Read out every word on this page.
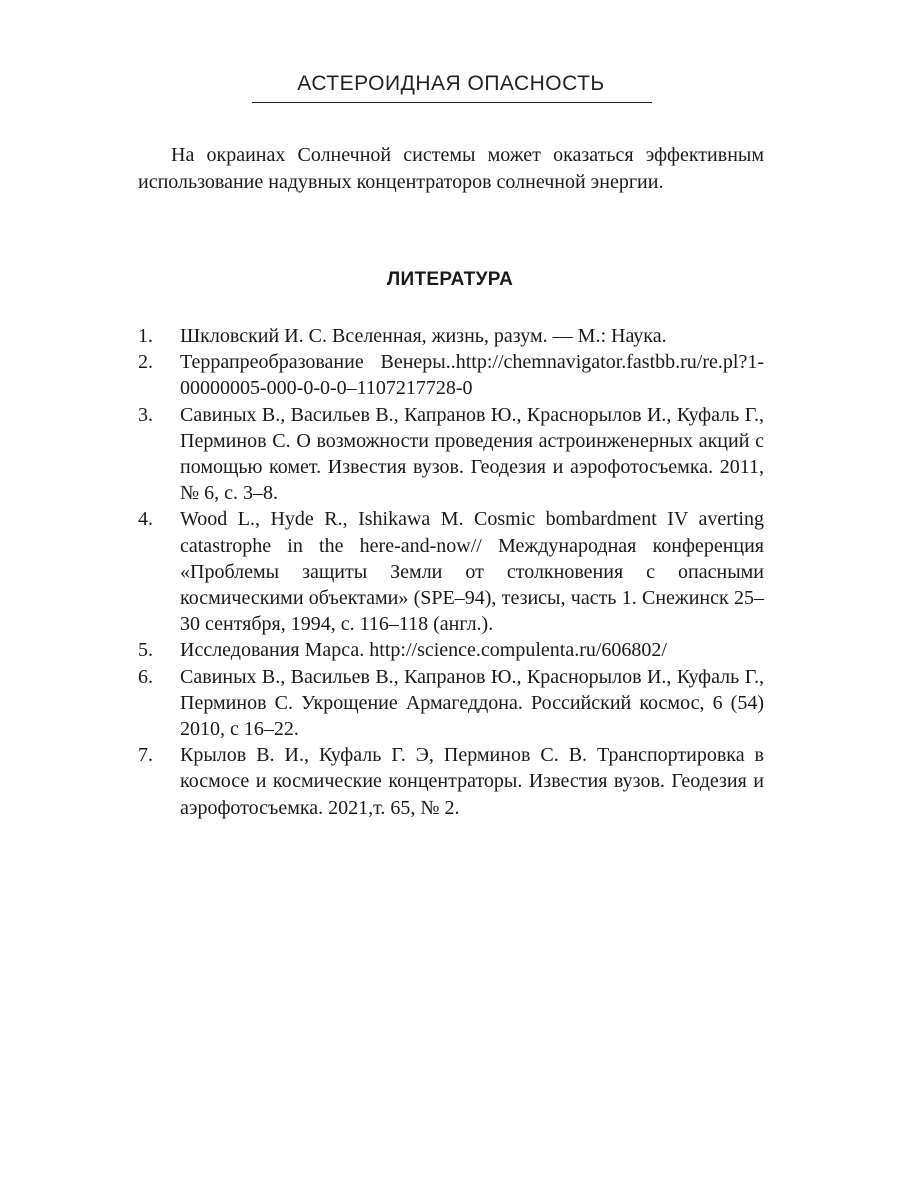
АСТЕРОИДНАЯ ОПАСНОСТЬ

На окраинах Солнечной системы может оказаться эффективным использование надувных концентраторов солнечной энергии.

ЛИТЕРАТУРА
1.	Шкловский И. С. Вселенная, жизнь, разум. — М.: Наука.
2.	Террапреобразование Венеры..http://chemnavigator.fastbb.ru/re.pl?1-00000005-000-0-0-0–1107217728-0
3.	Савиных В., Васильев В., Капранов Ю., Краснорылов И., Куфаль Г., Перминов С. О возможности проведения астроинженерных акций с помощью комет. Известия вузов. Геодезия и аэрофотосъемка. 2011, № 6, с. 3–8.
4.	Wood L., Hyde R., Ishikawa M. Cosmic bombardment IV averting catastrophe in the here-and-now// Международная конференция «Проблемы защиты Земли от столкновения с опасными космическими объектами» (SPE–94), тезисы, часть 1. Снежинск 25–30 сентября, 1994, с. 116–118 (англ.).
5.	Исследования Марса. http://science.compulenta.ru/606802/
6.	Савиных В., Васильев В., Капранов Ю., Краснорылов И., Куфаль Г., Перминов С. Укрощение Армагеддона. Российский космос, 6 (54) 2010, с 16–22.
7.	Крылов В. И., Куфаль Г. Э, Перминов С. В. Транспортировка в космосе и космические концентраторы. Известия вузов. Геодезия и аэрофотосъемка. 2021,т. 65, № 2.
